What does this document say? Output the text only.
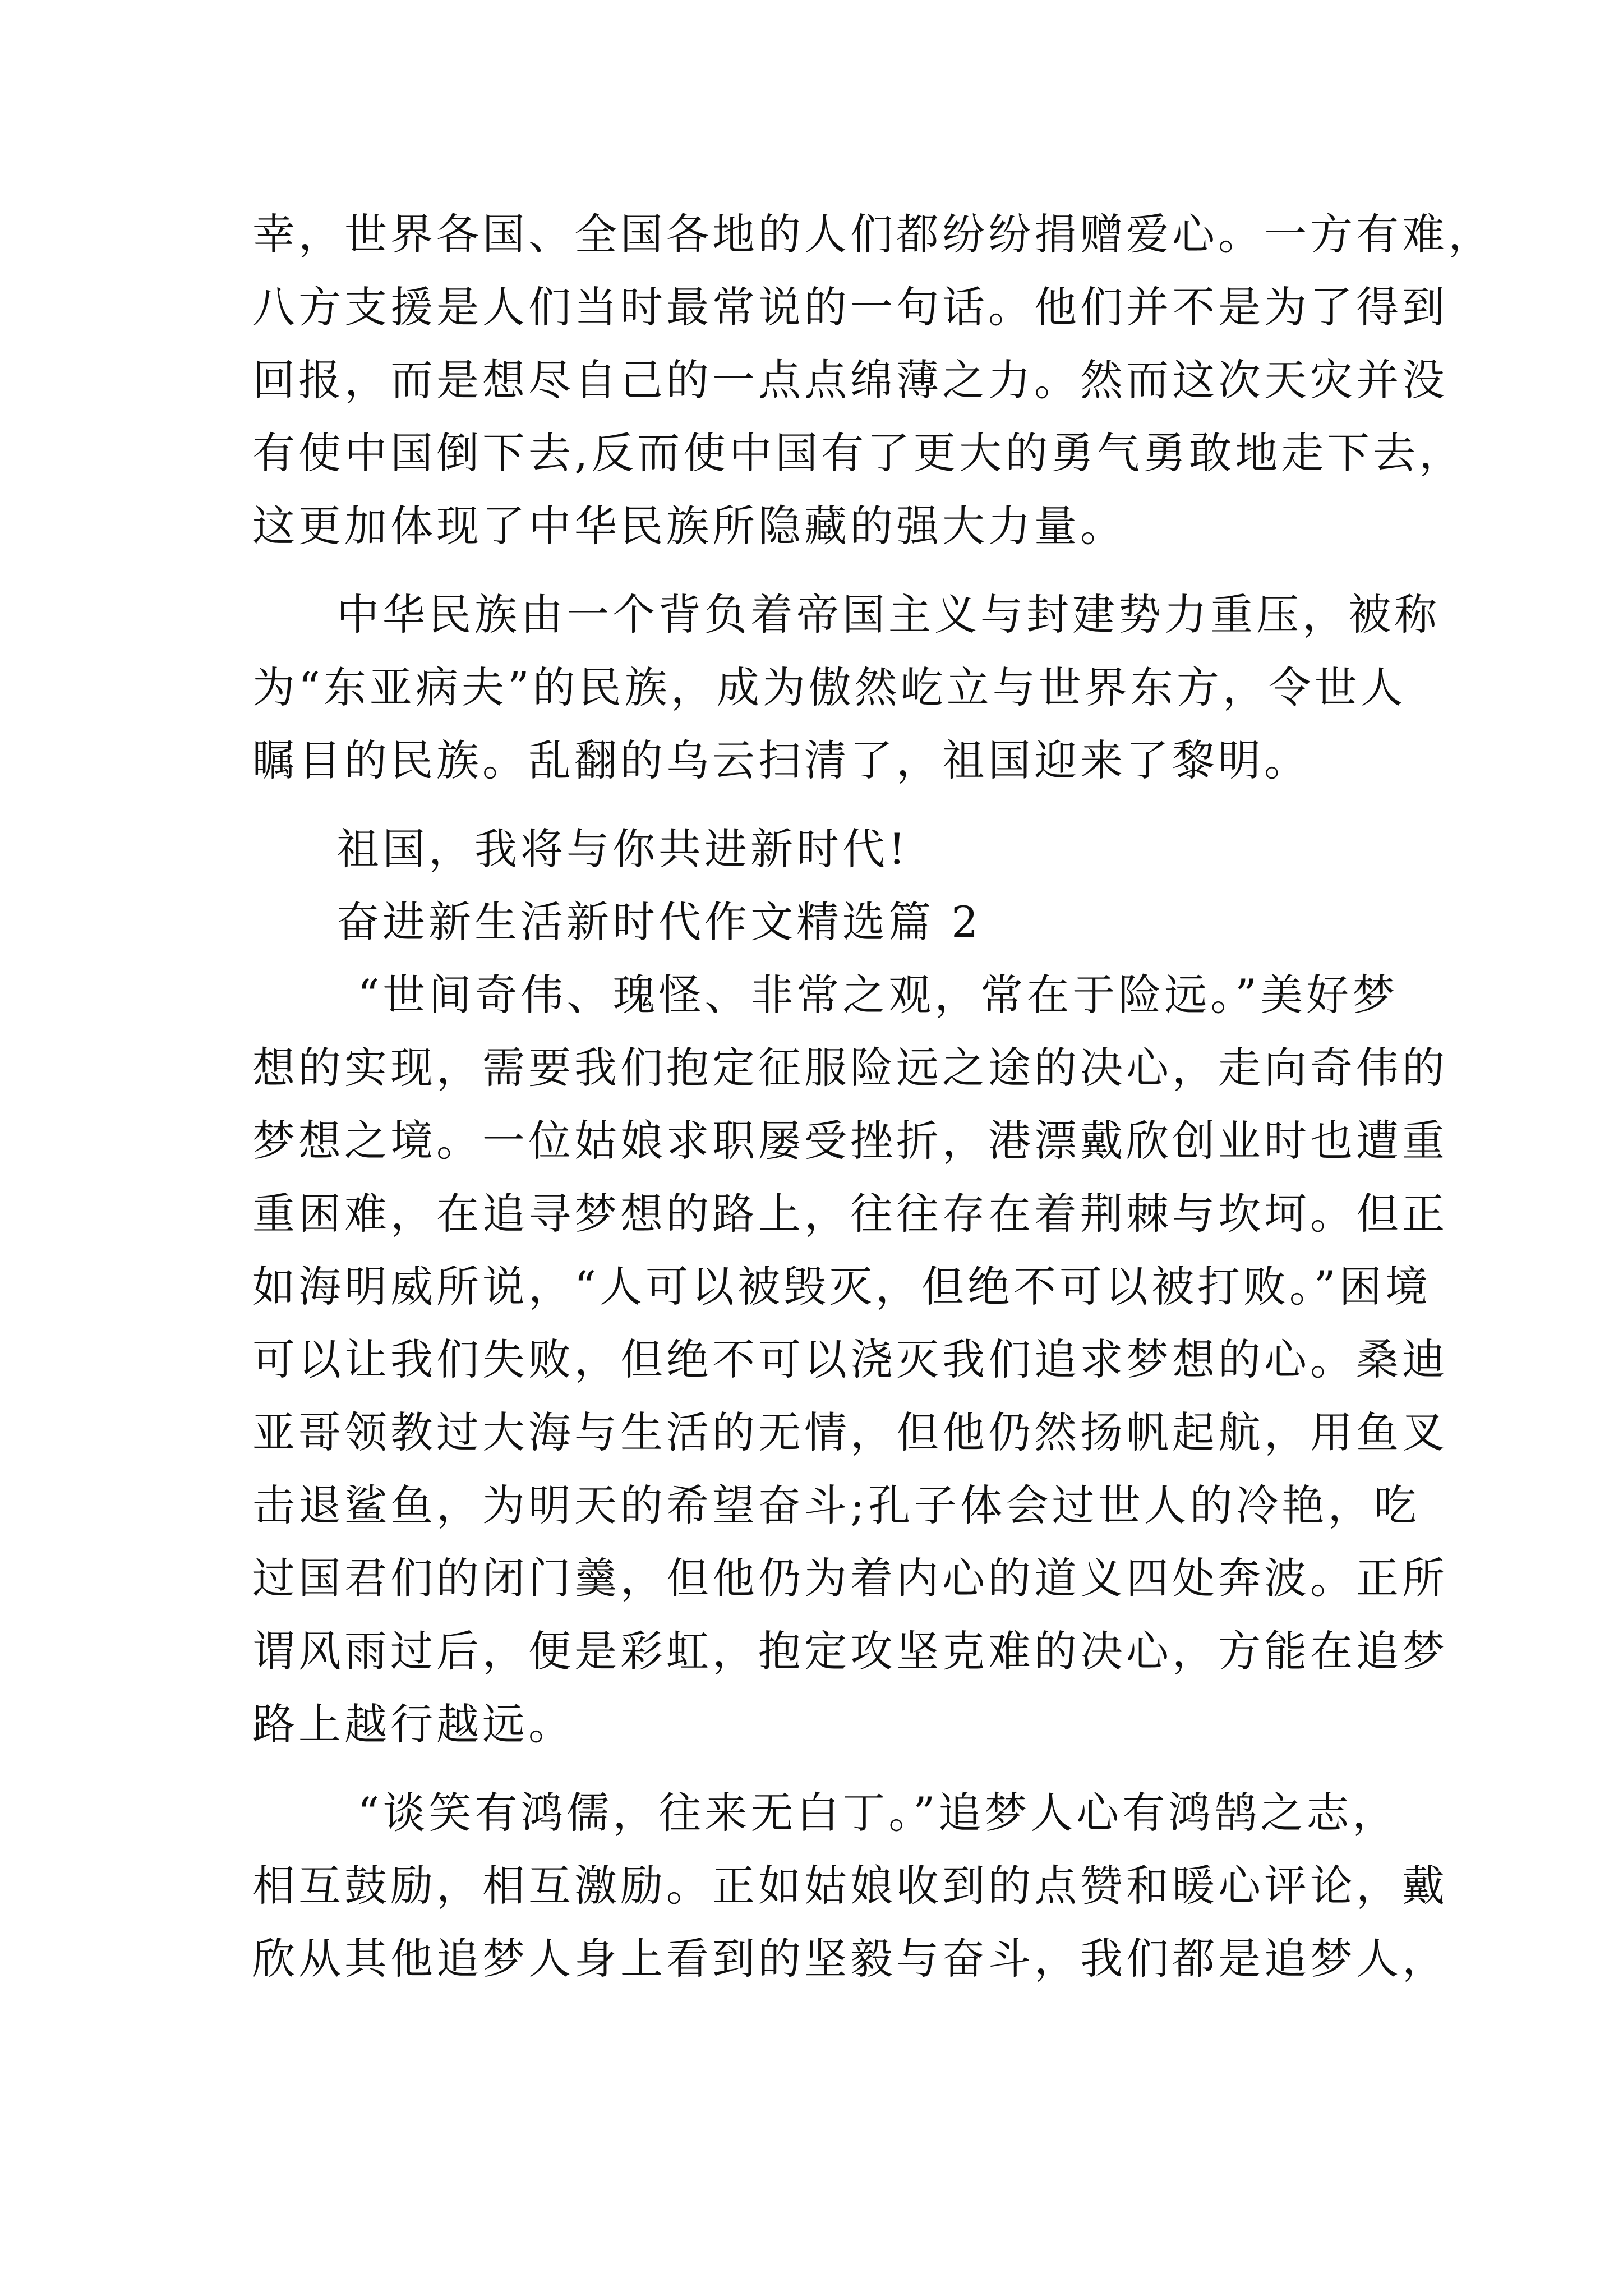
幸，世界各国、全国各地的人们都纷纷捐赠爱心。一方有难，
八方支援是人们当时最常说的一句话。他们并不是为了得到
回报，而是想尽自己的一点点绵薄之力。然而这次天灾并没
有使中国倒下去,反而使中国有了更大的勇气勇敢地走下去，
这更加体现了中华民族所隐藏的强大力量。
中华民族由一个背负着帝国主义与封建势力重压，被称
为“东亚病夫”的民族，成为傲然屹立与世界东方，令世人
瞩目的民族。乱翻的乌云扫清了，祖国迎来了黎明。
祖国，我将与你共进新时代!
奋进新生活新时代作文精选篇 2
“世间奇伟、瑰怪、非常之观，常在于险远。”美好梦
想的实现，需要我们抱定征服险远之途的决心，走向奇伟的
梦想之境。一位姑娘求职屡受挫折，港漂戴欣创业时也遭重
重困难，在追寻梦想的路上，往往存在着荆棘与坎坷。但正
如海明威所说，“人可以被毁灭，但绝不可以被打败。”困境
可以让我们失败，但绝不可以浇灭我们追求梦想的心。桑迪
亚哥领教过大海与生活的无情，但他仍然扬帆起航，用鱼叉
击退鲨鱼，为明天的希望奋斗;孔子体会过世人的冷艳，吃
过国君们的闭门羹，但他仍为着内心的道义四处奔波。正所
谓风雨过后，便是彩虹，抱定攻坚克难的决心，方能在追梦
路上越行越远。
“谈笑有鸿儒，往来无白丁。”追梦人心有鸿鹄之志，
相互鼓励，相互激励。正如姑娘收到的点赞和暖心评论，戴
欣从其他追梦人身上看到的坚毅与奋斗，我们都是追梦人，
